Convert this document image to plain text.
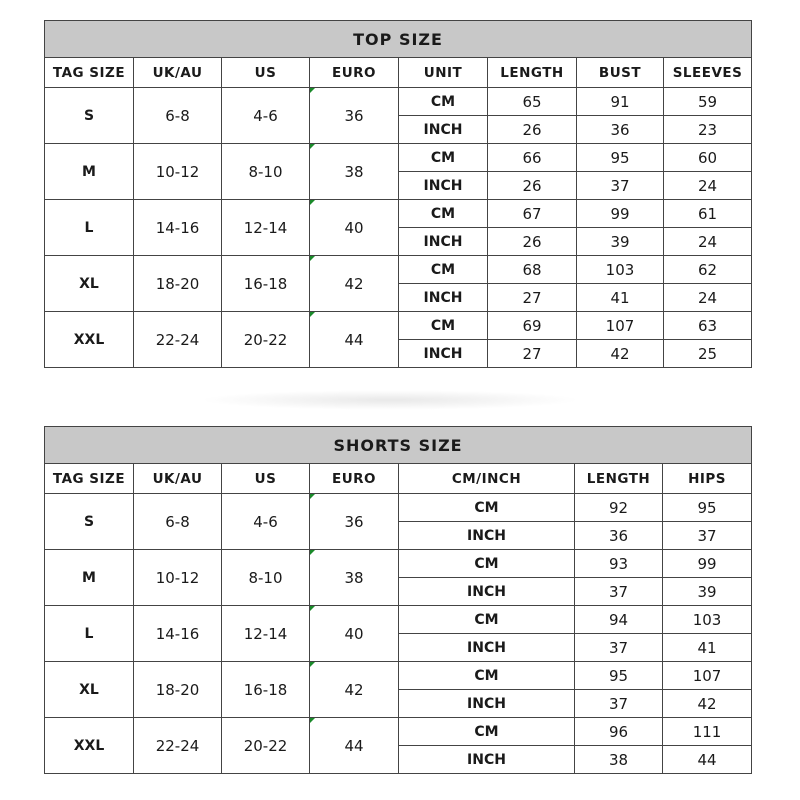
TOP SIZE							
TAG SIZE	UK/AU	US	EURO	UNIT	LENGTH	BUST	SLEEVES
S	6-8	4-6	36	CM	65	91	59
				INCH	26	36	23
M	10-12	8-10	38	CM	66	95	60
				INCH	26	37	24
L	14-16	12-14	40	CM	67	99	61
				INCH	26	39	24
XL	18-20	16-18	42	CM	68	103	62
				INCH	27	41	24
XXL	22-24	20-22	44	CM	69	107	63
				INCH	27	42	25
SHORTS SIZE						
TAG SIZE	UK/AU	US	EURO	CM/INCH	LENGTH	HIPS
S	6-8	4-6	36	CM	92	95
				INCH	36	37
M	10-12	8-10	38	CM	93	99
				INCH	37	39
L	14-16	12-14	40	CM	94	103
				INCH	37	41
XL	18-20	16-18	42	CM	95	107
				INCH	37	42
XXL	22-24	20-22	44	CM	96	111
				INCH	38	44
